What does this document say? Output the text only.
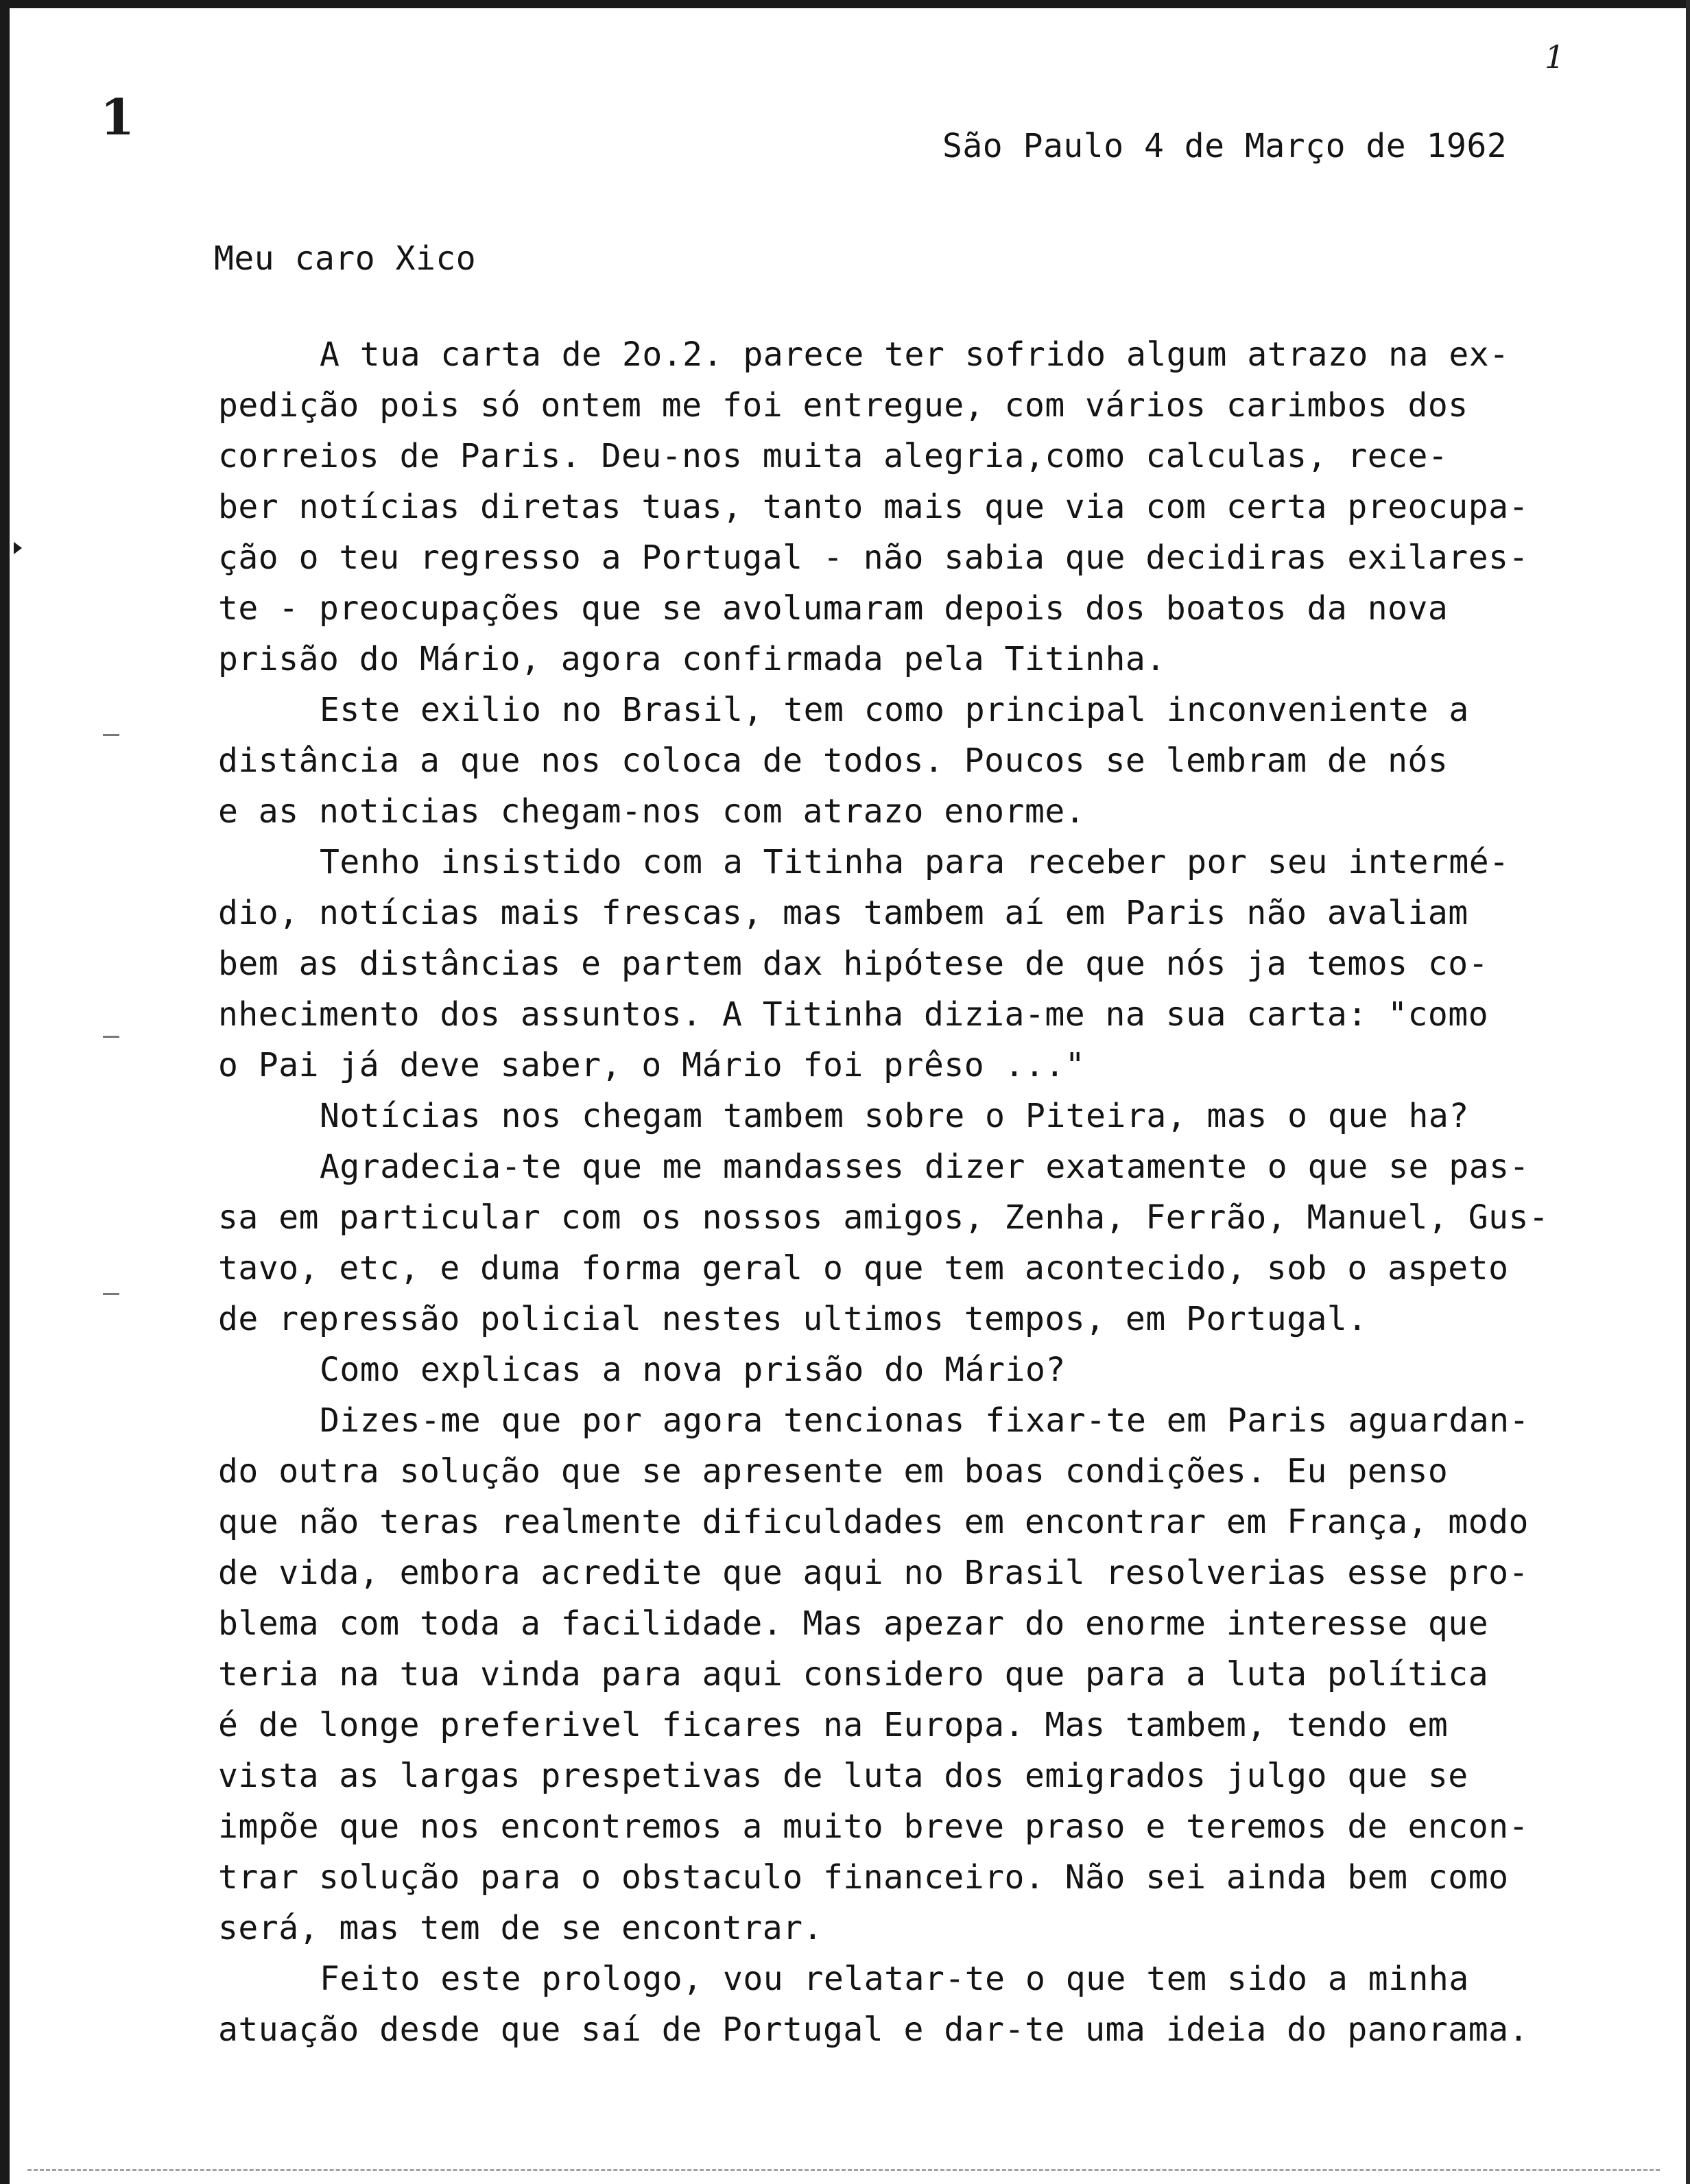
1
1
São Paulo 4 de Março de 1962
Meu caro Xico
A tua carta de 2o.2. parece ter sofrido algum atrazo na ex-
pedição pois só ontem me foi entregue, com vários carimbos dos
correios de Paris. Deu-nos muita alegria,como calculas, rece-
ber notícias diretas tuas, tanto mais que via com certa preocupa-
ção o teu regresso a Portugal - não sabia que decidiras exilares-
te - preocupações que se avolumaram depois dos boatos da nova
prisão do Mário, agora confirmada pela Titinha.
Este exilio no Brasil, tem como principal inconveniente a
distância a que nos coloca de todos. Poucos se lembram de nós
e as noticias chegam-nos com atrazo enorme.
Tenho insistido com a Titinha para receber por seu intermé-
dio, notícias mais frescas, mas tambem aí em Paris não avaliam
bem as distâncias e partem dax hipótese de que nós ja temos co-
nhecimento dos assuntos. A Titinha dizia-me na sua carta: "como
o Pai já deve saber, o Mário foi prêso ..."
Notícias nos chegam tambem sobre o Piteira, mas o que ha?
Agradecia-te que me mandasses dizer exatamente o que se pas-
sa em particular com os nossos amigos, Zenha, Ferrão, Manuel, Gus-
tavo, etc, e duma forma geral o que tem acontecido, sob o aspeto
de repressão policial nestes ultimos tempos, em Portugal.
Como explicas a nova prisão do Mário?
Dizes-me que por agora tencionas fixar-te em Paris aguardan-
do outra solução que se apresente em boas condições. Eu penso
que não teras realmente dificuldades em encontrar em França, modo
de vida, embora acredite que aqui no Brasil resolverias esse pro-
blema com toda a facilidade. Mas apezar do enorme interesse que
teria na tua vinda para aqui considero que para a luta política
é de longe preferivel ficares na Europa. Mas tambem, tendo em
vista as largas prespetivas de luta dos emigrados julgo que se
impõe que nos encontremos a muito breve praso e teremos de encon-
trar solução para o obstaculo financeiro. Não sei ainda bem como
será, mas tem de se encontrar.
Feito este prologo, vou relatar-te o que tem sido a minha
atuação desde que saí de Portugal e dar-te uma ideia do panorama.
